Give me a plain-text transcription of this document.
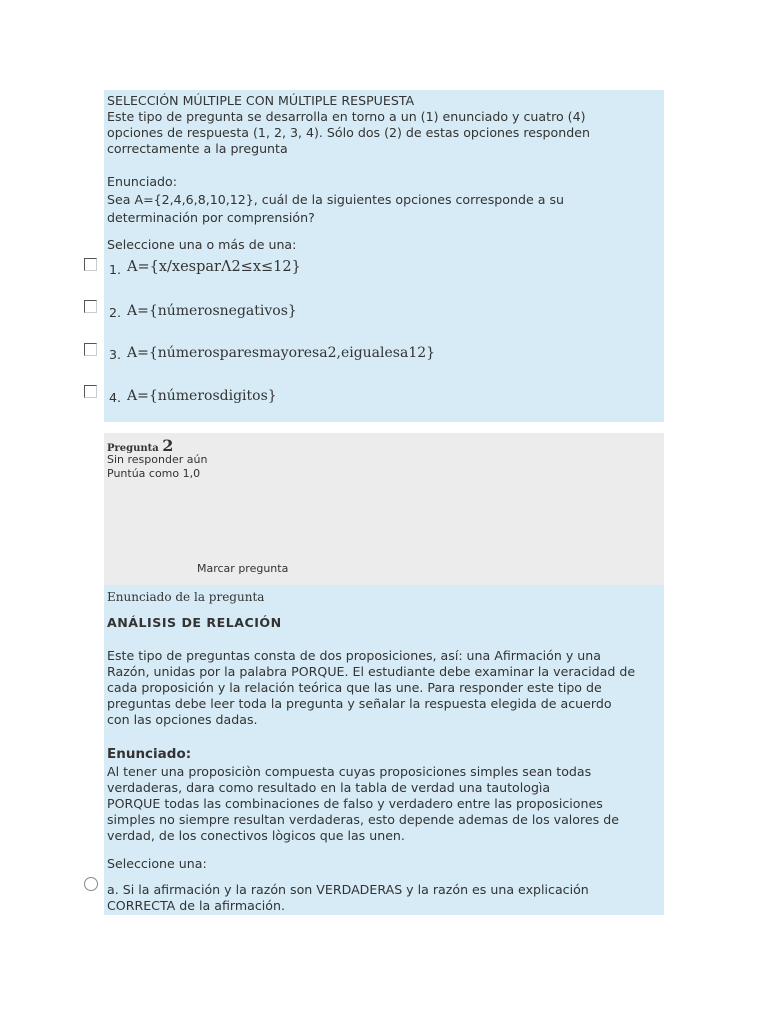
SELECCIÓN MÚLTIPLE CON MÚLTIPLE RESPUESTA
Este tipo de pregunta se desarrolla en torno a un (1) enunciado y cuatro (4)
opciones de respuesta (1, 2, 3, 4). Sólo dos (2) de estas opciones responden
correctamente a la pregunta
Enunciado:
Sea A={2,4,6,8,10,12}, cuál de la siguientes opciones corresponde a su
determinación por comprensión?
Seleccione una o más de una:
1. A={x/xesparΛ2≤x≤12}
2. A={númerosnegativos}
3. A={númerosparesmayoresa2,eigualesa12}
4. A={númerosdigitos}
Pregunta 2
Sin responder aún
Puntúa como 1,0
Marcar pregunta
Enunciado de la pregunta
ANÁLISIS DE RELACIÓN
Este tipo de preguntas consta de dos proposiciones, así: una Afirmación y una
Razón, unidas por la palabra PORQUE. El estudiante debe examinar la veracidad de
cada proposición y la relación teórica que las une. Para responder este tipo de
preguntas debe leer toda la pregunta y señalar la respuesta elegida de acuerdo
con las opciones dadas.
Enunciado:
Al tener una proposiciòn compuesta cuyas proposiciones simples sean todas
verdaderas, dara como resultado en la tabla de verdad una tautologìa
PORQUE todas las combinaciones de falso y verdadero entre las proposiciones
simples no siempre resultan verdaderas, esto depende ademas de los valores de
verdad, de los conectivos lògicos que las unen.
Seleccione una:
a. Si la afirmación y la razón son VERDADERAS y la razón es una explicación
CORRECTA de la afirmación.
